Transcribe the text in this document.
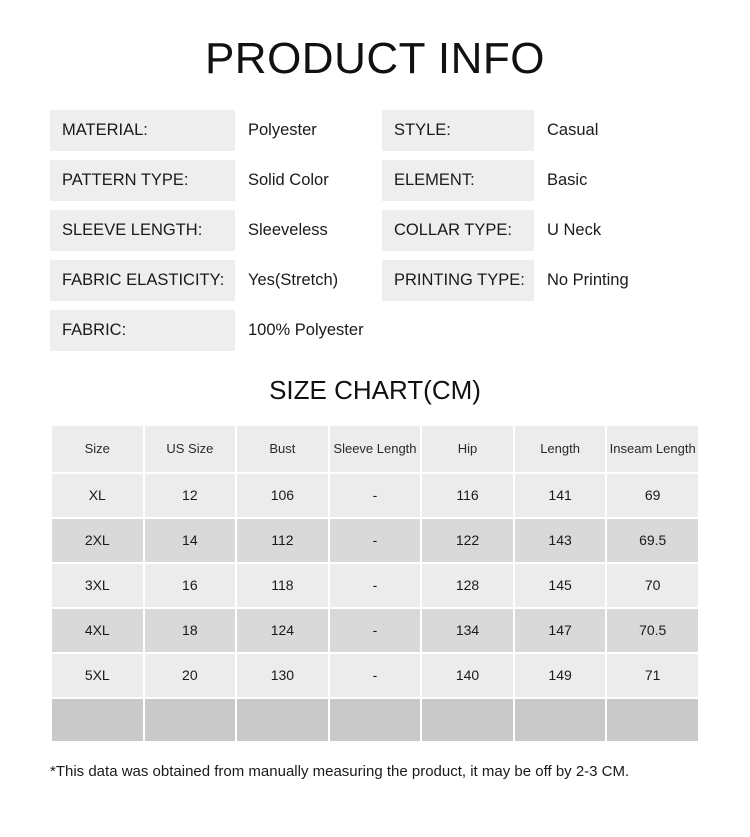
PRODUCT INFO
MATERIAL:	Polyester	STYLE:	Casual
PATTERN TYPE:	Solid Color	ELEMENT:	Basic
SLEEVE LENGTH:	Sleeveless	COLLAR TYPE:	U Neck
FABRIC ELASTICITY:	Yes(Stretch)	PRINTING TYPE:	No Printing
FABRIC:	100% Polyester
SIZE CHART(CM)
Size	US Size	Bust	Sleeve Length	Hip	Length	Inseam Length
XL	12	106	-	116	141	69
2XL	14	112	-	122	143	69.5
3XL	16	118	-	128	145	70
4XL	18	124	-	134	147	70.5
5XL	20	130	-	140	149	71

*This data was obtained from manually measuring the product, it may be off by 2-3 CM.
